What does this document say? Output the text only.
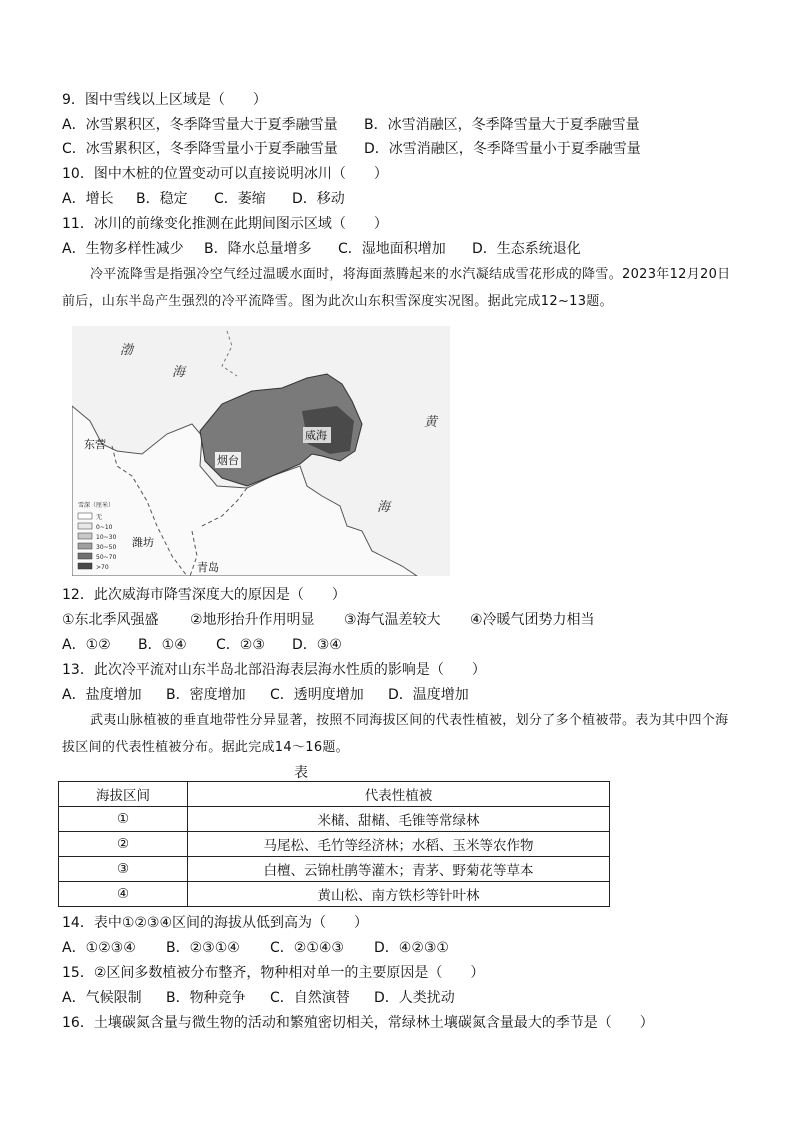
9．图中雪线以上区域是（　　）
A．冰雪累积区，冬季降雪量大于夏季融雪量 B．冰雪消融区，冬季降雪量大于夏季融雪量
C．冰雪累积区，冬季降雪量小于夏季融雪量 D．冰雪消融区，冬季降雪量小于夏季融雪量
10．图中木桩的位置变动可以直接说明冰川（　　）
A．增长 B．稳定 C．萎缩 D．移动
11．冰川的前缘变化推测在此期间图示区域（　　）
A．生物多样性减少 B．降水总量增多 C．湿地面积增加 D．生态系统退化
冷平流降雪是指强冷空气经过温暖水面时，将海面蒸腾起来的水汽凝结成雪花形成的降雪。2023年12月20日前后，山东半岛产生强烈的冷平流降雪。图为此次山东积雪深度实况图。据此完成12~13题。
渤
海
黄
海
威海
烟台
东营
潍坊
青岛
雪深（厘米）
无
0~10
10~30
30~50
50~70
>70
12．此次威海市降雪深度大的原因是（　　）
①东北季风强盛 ②地形抬升作用明显 ③海气温差较大 ④冷暖气团势力相当
A．①② B．①④ C．②③ D．③④
13．此次冷平流对山东半岛北部沿海表层海水性质的影响是（　　）
A．盐度增加 B．密度增加 C．透明度增加 D．温度增加
武夷山脉植被的垂直地带性分异显著，按照不同海拔区间的代表性植被，划分了多个植被带。表为其中四个海拔区间的代表性植被分布。据此完成14～16题。
表
海拔区间	代表性植被
①	米槠、甜槠、毛锥等常绿林
②	马尾松、毛竹等经济林；水稻、玉米等农作物
③	白檀、云锦杜鹃等灌木；青茅、野菊花等草本
④	黄山松、南方铁杉等针叶林
14．表中①②③④区间的海拔从低到高为（　　）
A．①②③④ B．②③①④ C．②①④③ D．④②③①
15．②区间多数植被分布整齐，物种相对单一的主要原因是（　　）
A．气候限制 B．物种竞争 C．自然演替 D．人类扰动
16．土壤碳氮含量与微生物的活动和繁殖密切相关，常绿林土壤碳氮含量最大的季节是（　　）
